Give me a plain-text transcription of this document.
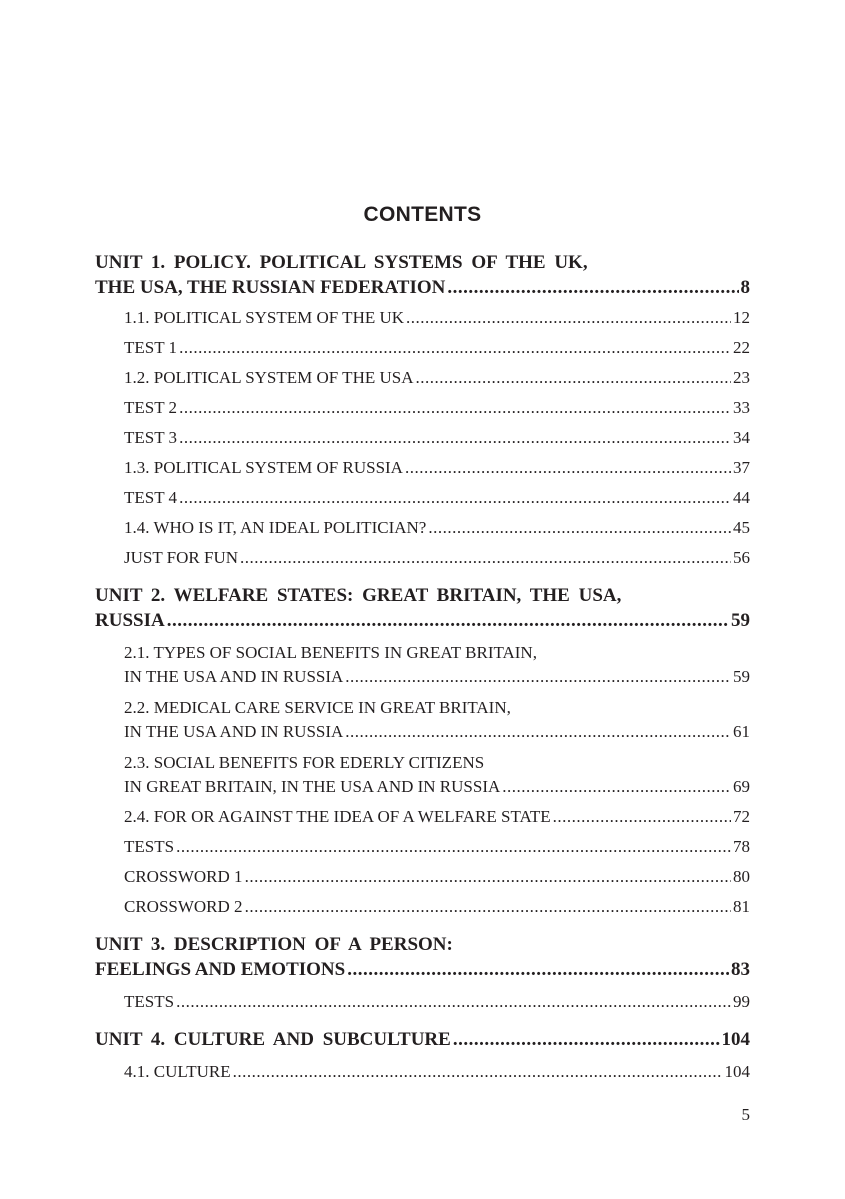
CONTENTS
UNIT 1. POLICY. POLITICAL SYSTEMS OF THE UK,
THE USA, THE RUSSIAN FEDERATION .....	8
1.1. POLITICAL SYSTEM OF THE UK .....	12
TEST 1 .....	22
1.2. POLITICAL SYSTEM OF THE USA .....	23
TEST 2 .....	33
TEST 3 .....	34
1.3. POLITICAL SYSTEM OF RUSSIA .....	37
TEST 4 .....	44
1.4. WHO IS IT, AN IDEAL POLITICIAN? .....	45
JUST FOR FUN .....	56
UNIT 2. WELFARE STATES: GREAT BRITAIN, THE USA,
RUSSIA .....	59
2.1. TYPES OF SOCIAL BENEFITS IN GREAT BRITAIN,
IN THE USA AND IN RUSSIA .....	59
2.2. MEDICAL CARE SERVICE IN GREAT BRITAIN,
IN THE USA AND IN RUSSIA .....	61
2.3. SOCIAL BENEFITS FOR EDERLY CITIZENS
IN GREAT BRITAIN, IN THE USA AND IN RUSSIA .....	69
2.4. FOR OR AGAINST THE IDEA OF A WELFARE STATE .....	72
TESTS .....	78
CROSSWORD 1 .....	80
CROSSWORD 2 .....	81
UNIT 3. DESCRIPTION OF A PERSON:
FEELINGS AND EMOTIONS .....	83
TESTS .....	99
UNIT 4. CULTURE AND SUBCULTURE .....	104
4.1. CULTURE .....	104
5
